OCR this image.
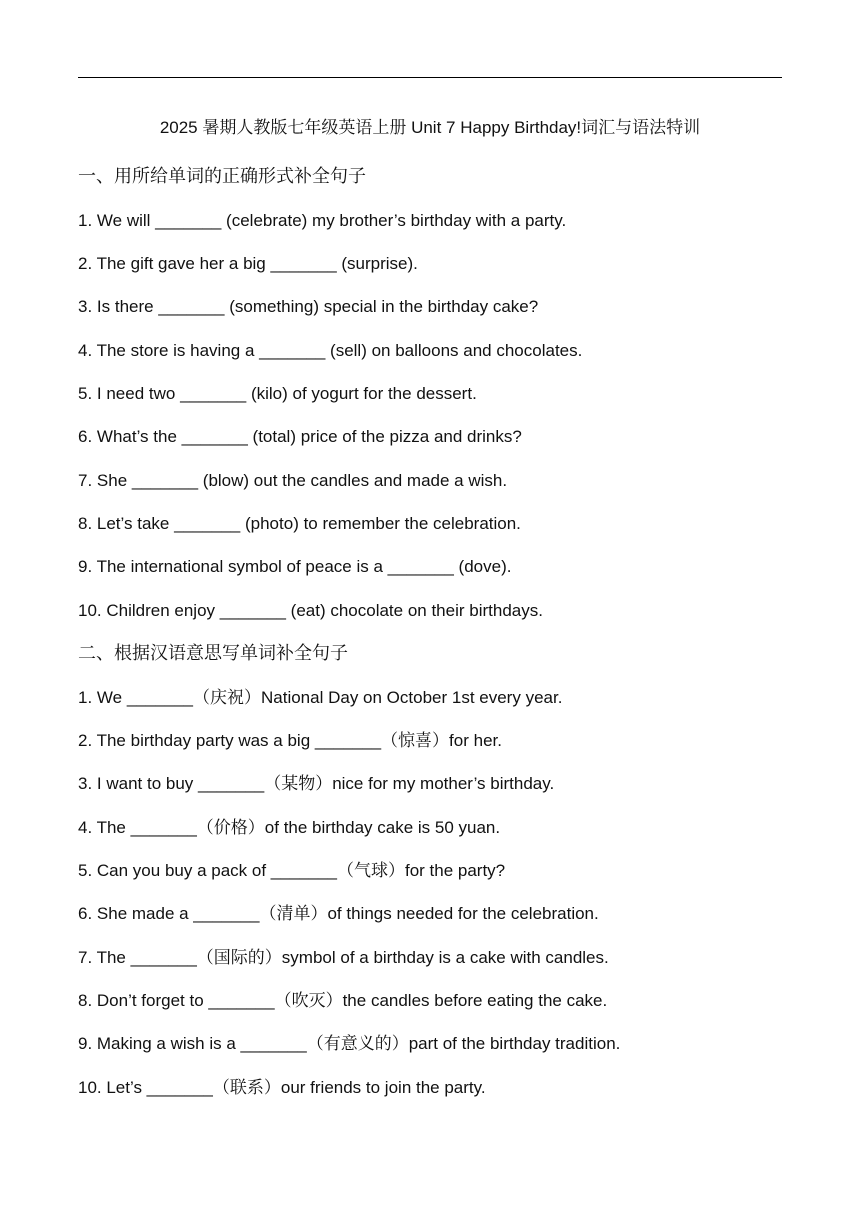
2025 暑期人教版七年级英语上册 Unit 7 Happy Birthday!词汇与语法特训
一、用所给单词的正确形式补全句子
1. We will _______ (celebrate) my brother’s birthday with a party.
2. The gift gave her a big _______ (surprise).
3. Is there _______ (something) special in the birthday cake?
4. The store is having a _______ (sell) on balloons and chocolates.
5. I need two _______ (kilo) of yogurt for the dessert.
6. What’s the _______ (total) price of the pizza and drinks?
7. She _______ (blow) out the candles and made a wish.
8. Let’s take _______ (photo) to remember the celebration.
9. The international symbol of peace is a _______ (dove).
10. Children enjoy _______ (eat) chocolate on their birthdays.
二、根据汉语意思写单词补全句子
1. We _______（庆祝）National Day on October 1st every year.
2. The birthday party was a big _______（惊喜）for her.
3. I want to buy _______（某物）nice for my mother’s birthday.
4. The _______（价格）of the birthday cake is 50 yuan.
5. Can you buy a pack of _______（气球）for the party?
6. She made a _______（清单）of things needed for the celebration.
7. The _______（国际的）symbol of a birthday is a cake with candles.
8. Don’t forget to _______（吹灭）the candles before eating the cake.
9. Making a wish is a _______（有意义的）part of the birthday tradition.
10. Let’s _______（联系）our friends to join the party.
